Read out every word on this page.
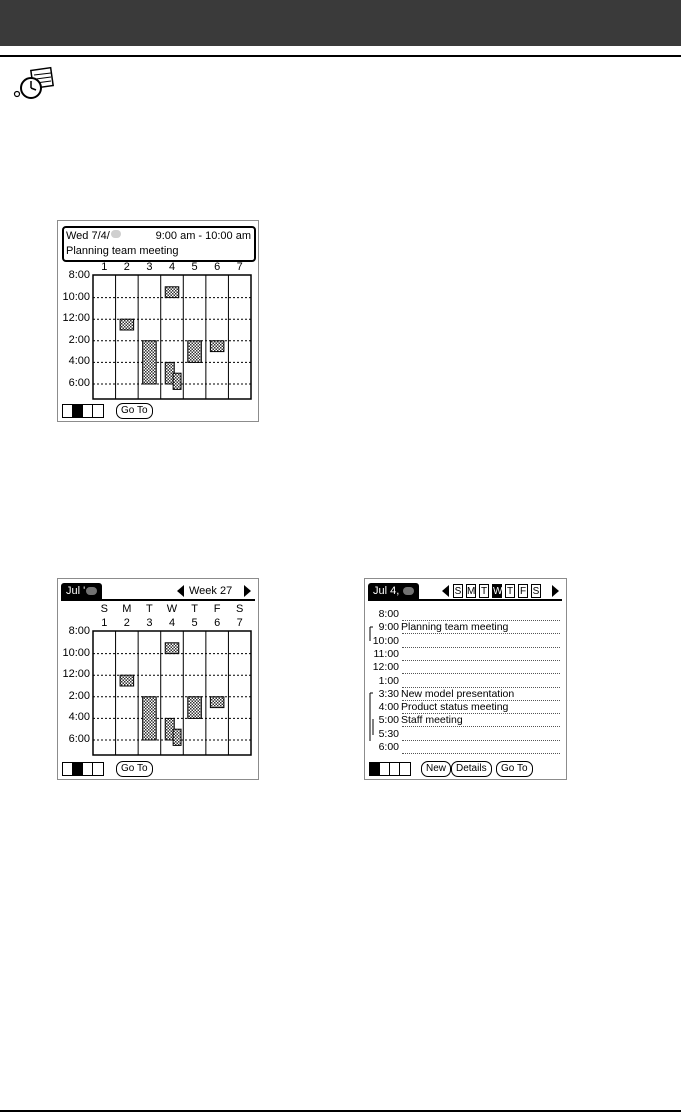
Wed 7/4/	9:00 am - 10:00 am
Planning team meeting
8:00
10:00
12:00
2:00
4:00
6:00
1	2	3	4	5	6	7
Go To
Jul '	Week 27
8:00
10:00
12:00
2:00
4:00
6:00
1
S
2
M
3
T
4
W
5
T
6
F
7
S
Go To
Jul 4,	S M T W T F S
8:00
9:00 Planning team meeting
10:00
11:00
12:00
1:00
3:30 New model presentation
4:00 Product status meeting
5:00 Staff meeting
5:30
6:00
New Details	Go To
